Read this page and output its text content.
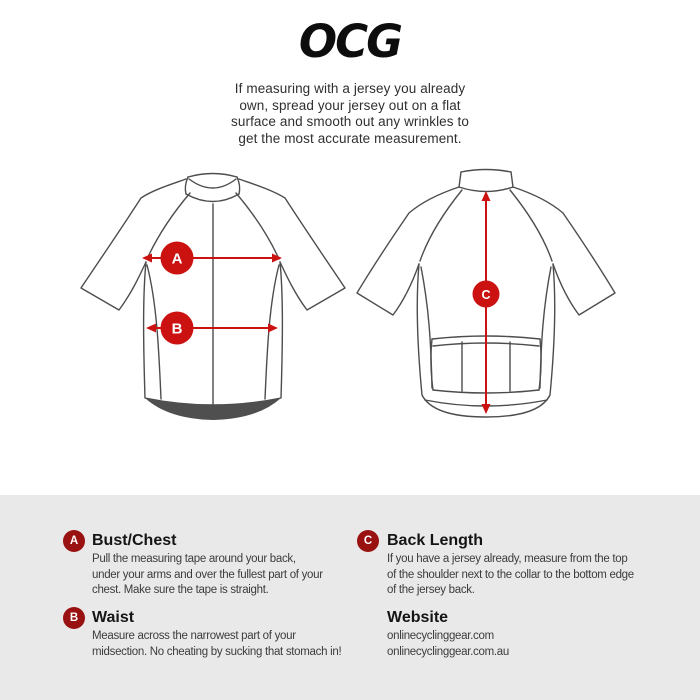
OCG
If measuring with a jersey you already
own, spread your jersey out on a flat
surface and smooth out any wrinkles to
get the most accurate measurement.
A
B
C
A Bust/Chest
Pull the measuring tape around your back,
under your arms and over the fullest part of your
chest. Make sure the tape is straight.
B Waist
Measure across the narrowest part of your
midsection. No cheating by sucking that stomach in!
C Back Length
If you have a jersey already, measure from the top
of the shoulder next to the collar to the bottom edge
of the jersey back.
Website
onlinecyclinggear.com
onlinecyclinggear.com.au
